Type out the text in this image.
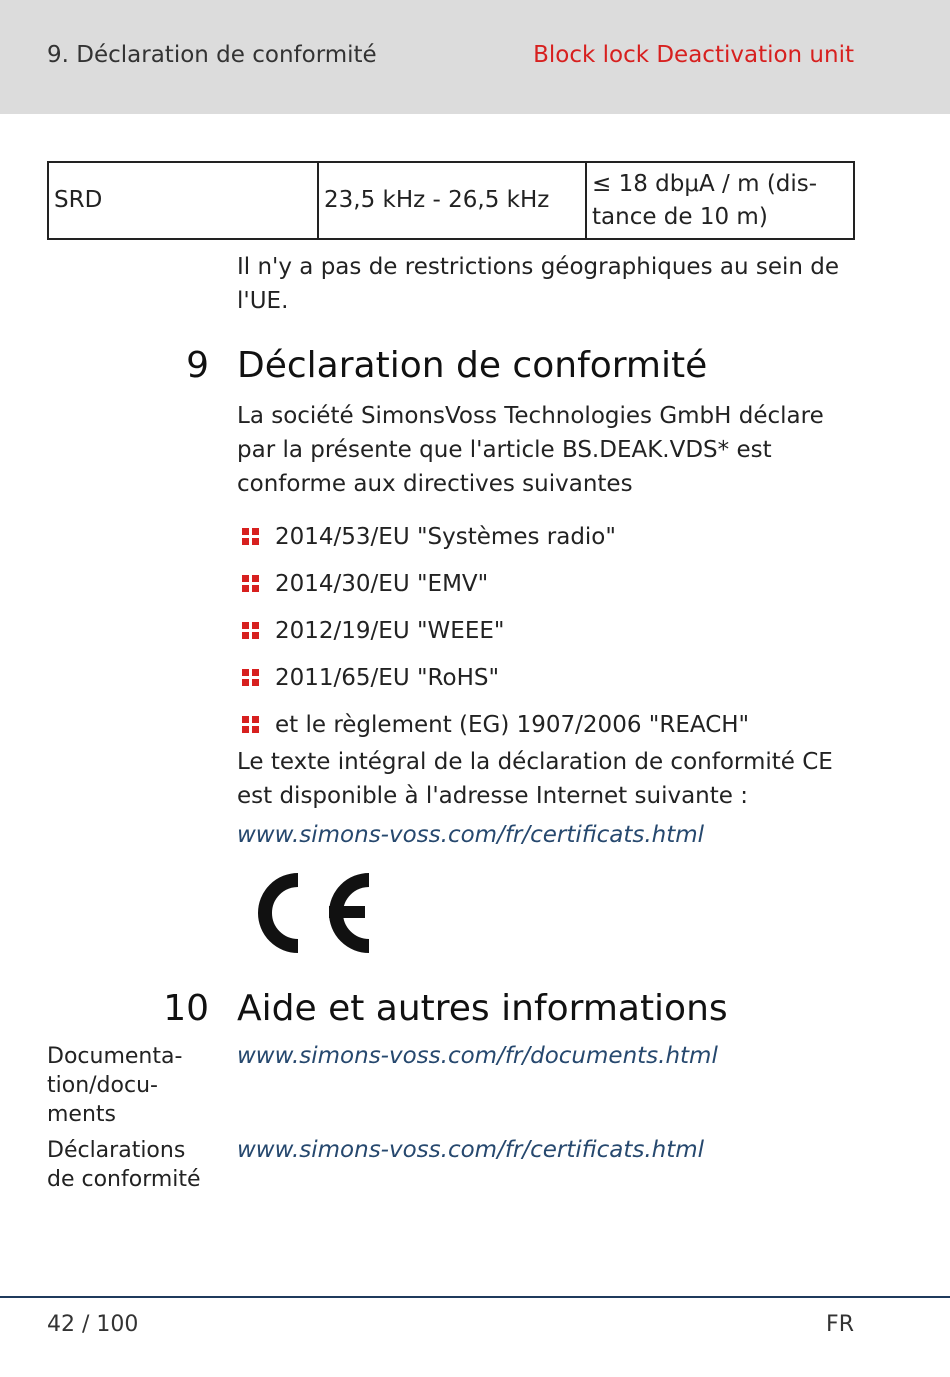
9. Déclaration de conformité	Block lock Deactivation unit
SRD	23,5 kHz - 26,5 kHz	≤ 18 dbμA / m (dis-tance de 10 m)
Il n'y a pas de restrictions géographiques au sein de l'UE.
9 Déclaration de conformité
La société SimonsVoss Technologies GmbH déclare par la présente que l'article BS.DEAK.VDS* est conforme aux directives suivantes
2014/53/EU "Systèmes radio"
2014/30/EU "EMV"
2012/19/EU "WEEE"
2011/65/EU "RoHS"
et le règlement (EG) 1907/2006 "REACH"
Le texte intégral de la déclaration de conformité CE est disponible à l'adresse Internet suivante :
www.simons-voss.com/fr/certificats.html
10 Aide et autres informations
Documenta-tion/docu-ments
www.simons-voss.com/fr/documents.html
Déclarations de conformité
www.simons-voss.com/fr/certificats.html
42 / 100	FR
